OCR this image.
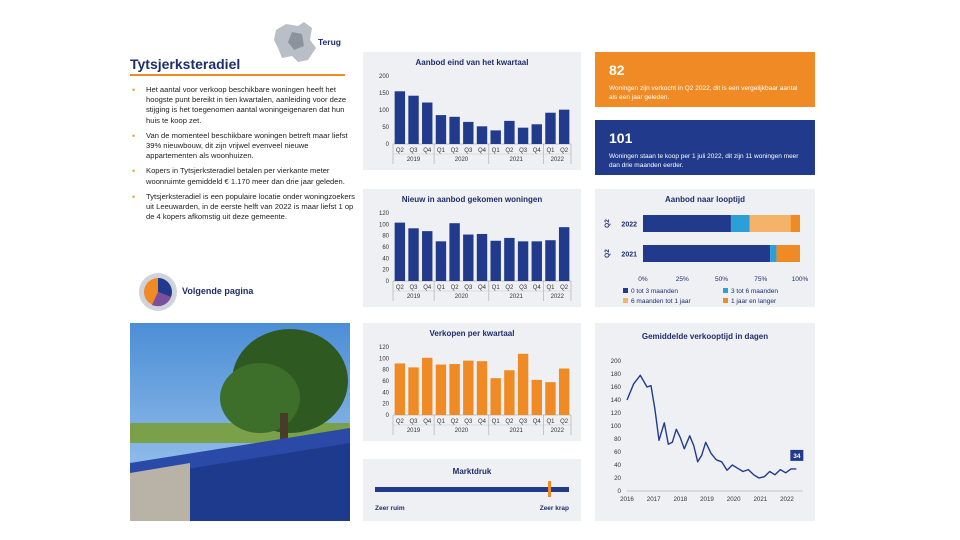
Terug
Tytsjerksteradiel
• Het aantal voor verkoop beschikbare woningen heeft het hoogste punt bereikt in tien kwartalen, aanleiding voor deze stijging is het toegenomen aantal woningeigenaren dat hun huis te koop zet.
• Van de momenteel beschikbare woningen betreft maar liefst 39% nieuwbouw, dit zijn vrijwel evenveel nieuwe appartementen als woonhuizen.
• Kopers in Tytsjerksteradiel betalen per vierkante meter woonruimte gemiddeld € 1.170 meer dan drie jaar geleden.
• Tytsjerksteradiel is een populaire locatie onder woningzoekers uit Leeuwarden, in de eerste helft van 2022 is maar liefst 1 op de 4 kopers afkomstig uit deze gemeente.
Volgende pagina
Aanbod eind van het kwartaal
0
50
100
150
200
Q2 Q3 Q4 Q1 Q2 Q3 Q4 Q1 Q2 Q3 Q4 Q1 Q2
2019	2020	2021	2022
Nieuw in aanbod gekomen woningen
0
20
40
60
80
100
120
Q2 Q3 Q4 Q1 Q2 Q3 Q4 Q1 Q2 Q3 Q4 Q1 Q2
2019	2020	2021	2022
Verkopen per kwartaal
0
20
40
60
80
100
120
Q2 Q3 Q4 Q1 Q2 Q3 Q4 Q1 Q2 Q3 Q4 Q1 Q2
2019	2020	2021	2022
Marktdruk
Zeer ruim	Zeer krap
82
Woningen zijn verkocht in Q2 2022, dit is een vergelijkbaar aantal als een jaar geleden.
101
Woningen staan te koop per 1 juli 2022, dit zijn 11 woningen meer dan drie maanden eerder.
Aanbod naar looptijd
2022
Q2
2021
Q2
0%	25%	50%	75%	100%
0 tot 3 maanden	3 tot 6 maanden
6 maanden tot 1 jaar	1 jaar en langer
Gemiddelde verkooptijd in dagen
0
20
40
60
80
100
120
140
160
180
200
2016 2017 2018 2019 2020 2021 2022
34
